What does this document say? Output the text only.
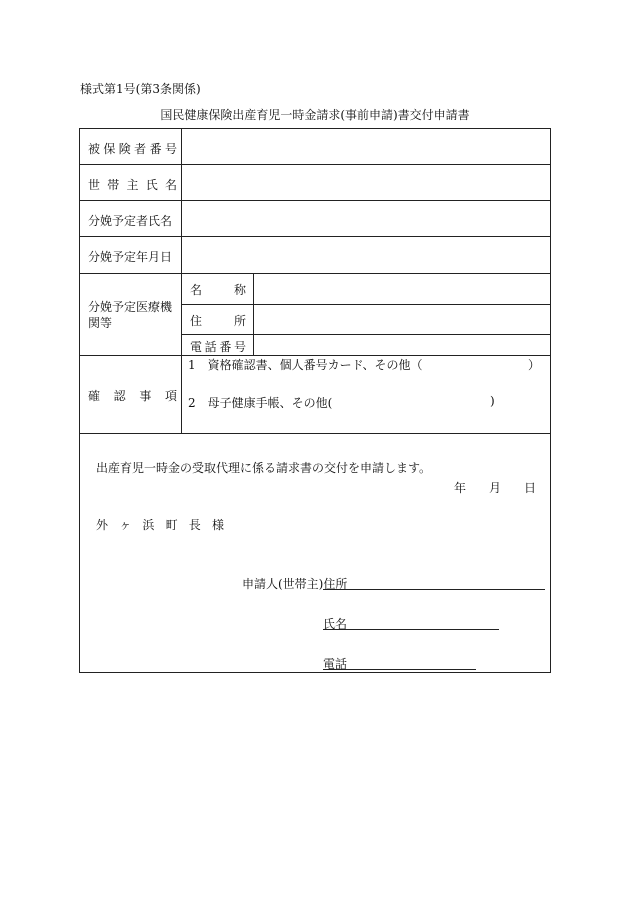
様式第1号(第3条関係)
国民健康保険出産育児一時金請求(事前申請)書交付申請書
被 保 険 者 番 号
世 帯 主 氏 名
分娩予定者氏名
分娩予定年月日
分娩予定医療機
関等
名	称
住	所
電 話 番 号
確 認 事 項
1　資格確認書、個人番号カード、その他（	）
2　母子健康手帳、その他(	)
出産育児一時金の受取代理に係る請求書の交付を申請します。
年 月 日
外 ヶ 浜 町 長 様
申請人(世帯主)住所
氏名
電話
